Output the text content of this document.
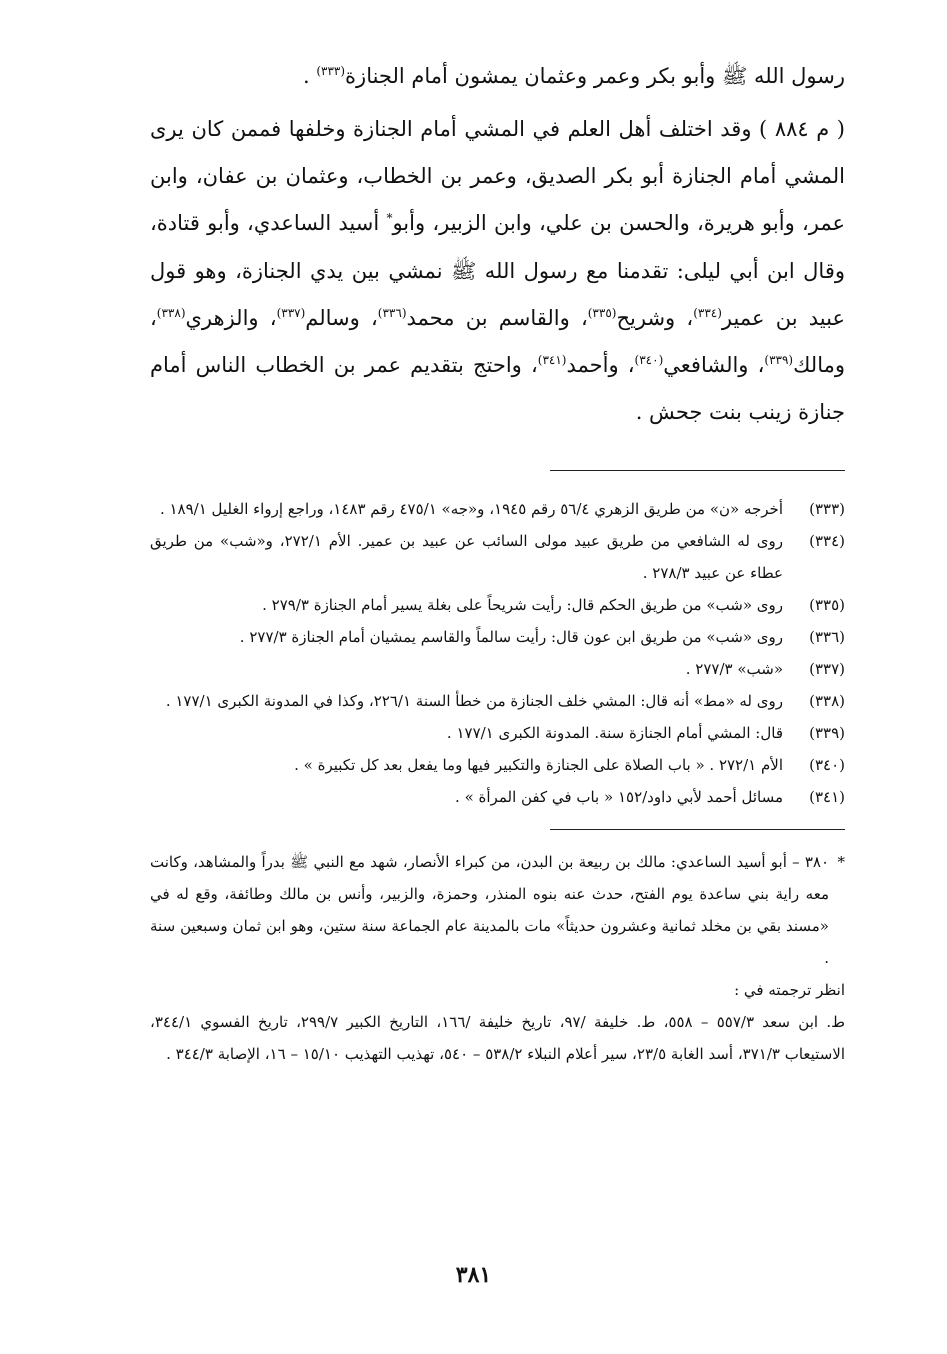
رسول الله ﷺ وأبو بكر وعمر وعثمان يمشون أمام الجنازة$^{(٣٣٣)}$ .

( م ٨٨٤ ) وقد اختلف أهل العلم في المشي أمام الجنازة وخلفها فممن كان يرى المشي أمام الجنازة أبو بكر الصديق، وعمر بن الخطاب، وعثمان بن عفان، وابن عمر، وأبو هريرة، والحسن بن علي، وابن الزبير، وأبو* أسيد الساعدي، وأبو قتادة، وقال ابن أبي ليلى: تقدمنا مع رسول الله ﷺ نمشي بين يدي الجنازة، وهو قول عبيد بن عمير$^{(٣٣٤)}$، وشريح$^{(٣٣٥)}$، والقاسم بن محمد$^{(٣٣٦)}$، وسالم$^{(٣٣٧)}$، والزهري$^{(٣٣٨)}$، ومالك$^{(٣٣٩)}$، والشافعي$^{(٣٤٠)}$، وأحمد$^{(٣٤١)}$، واحتج بتقديم عمر بن الخطاب الناس أمام جنازة زينب بنت جحش .

(٣٣٣)
أخرجه «ن» من طريق الزهري ٥٦/٤ رقم ١٩٤٥، و«جه» ٤٧٥/١ رقم ١٤٨٣، وراجع إرواء الغليل ١٨٩/١ .
(٣٣٤)
روى له الشافعي من طريق عبيد مولى السائب عن عبيد بن عمير. الأم ٢٧٢/١، و«شب» من طريق عطاء عن عبيد ٢٧٨/٣ .
(٣٣٥)
روى «شب» من طريق الحكم قال: رأيت شريحاً على بغلة يسير أمام الجنازة ٢٧٩/٣ .
(٣٣٦)
روى «شب» من طريق ابن عون قال: رأيت سالماً والقاسم يمشيان أمام الجنازة ٢٧٧/٣ .
(٣٣٧)
«شب» ٢٧٧/٣ .
(٣٣٨)
روى له «مط» أنه قال: المشي خلف الجنازة من خطأ السنة ٢٢٦/١، وكذا في المدونة الكبرى ١٧٧/١ .
(٣٣٩)
قال: المشي أمام الجنازة سنة. المدونة الكبرى ١٧٧/١ .
(٣٤٠)
الأم ٢٧٢/١ . « باب الصلاة على الجنازة والتكبير فيها وما يفعل بعد كل تكبيرة » .
(٣٤١)
مسائل أحمد لأبي داود/١٥٢ « باب في كفن المرأة » .
*
٣٨٠ – أبو أسيد الساعدي: مالك بن ربيعة بن البدن، من كبراء الأنصار، شهد مع النبي ﷺ بدراً والمشاهد، وكانت معه راية بني ساعدة يوم الفتح، حدث عنه بنوه المنذر، وحمزة، والزبير، وأنس بن مالك وطائفة، وقع له في «مسند بقي بن مخلد ثمانية وعشرون حديثاً» مات بالمدينة عام الجماعة سنة ستين، وهو ابن ثمان وسبعين سنة .

انظر ترجمته في :

ط. ابن سعد ٥٥٧/٣ – ٥٥٨، ط. خليفة /٩٧، تاريخ خليفة /١٦٦، التاريخ الكبير ٢٩٩/٧، تاريخ الفسوي ٣٤٤/١، الاستيعاب ٣٧١/٣، أسد الغابة ٢٣/٥، سير أعلام النبلاء ٥٣٨/٢ – ٥٤٠، تهذيب التهذيب ١٥/١٠ – ١٦، الإصابة ٣٤٤/٣ .

٣٨١
